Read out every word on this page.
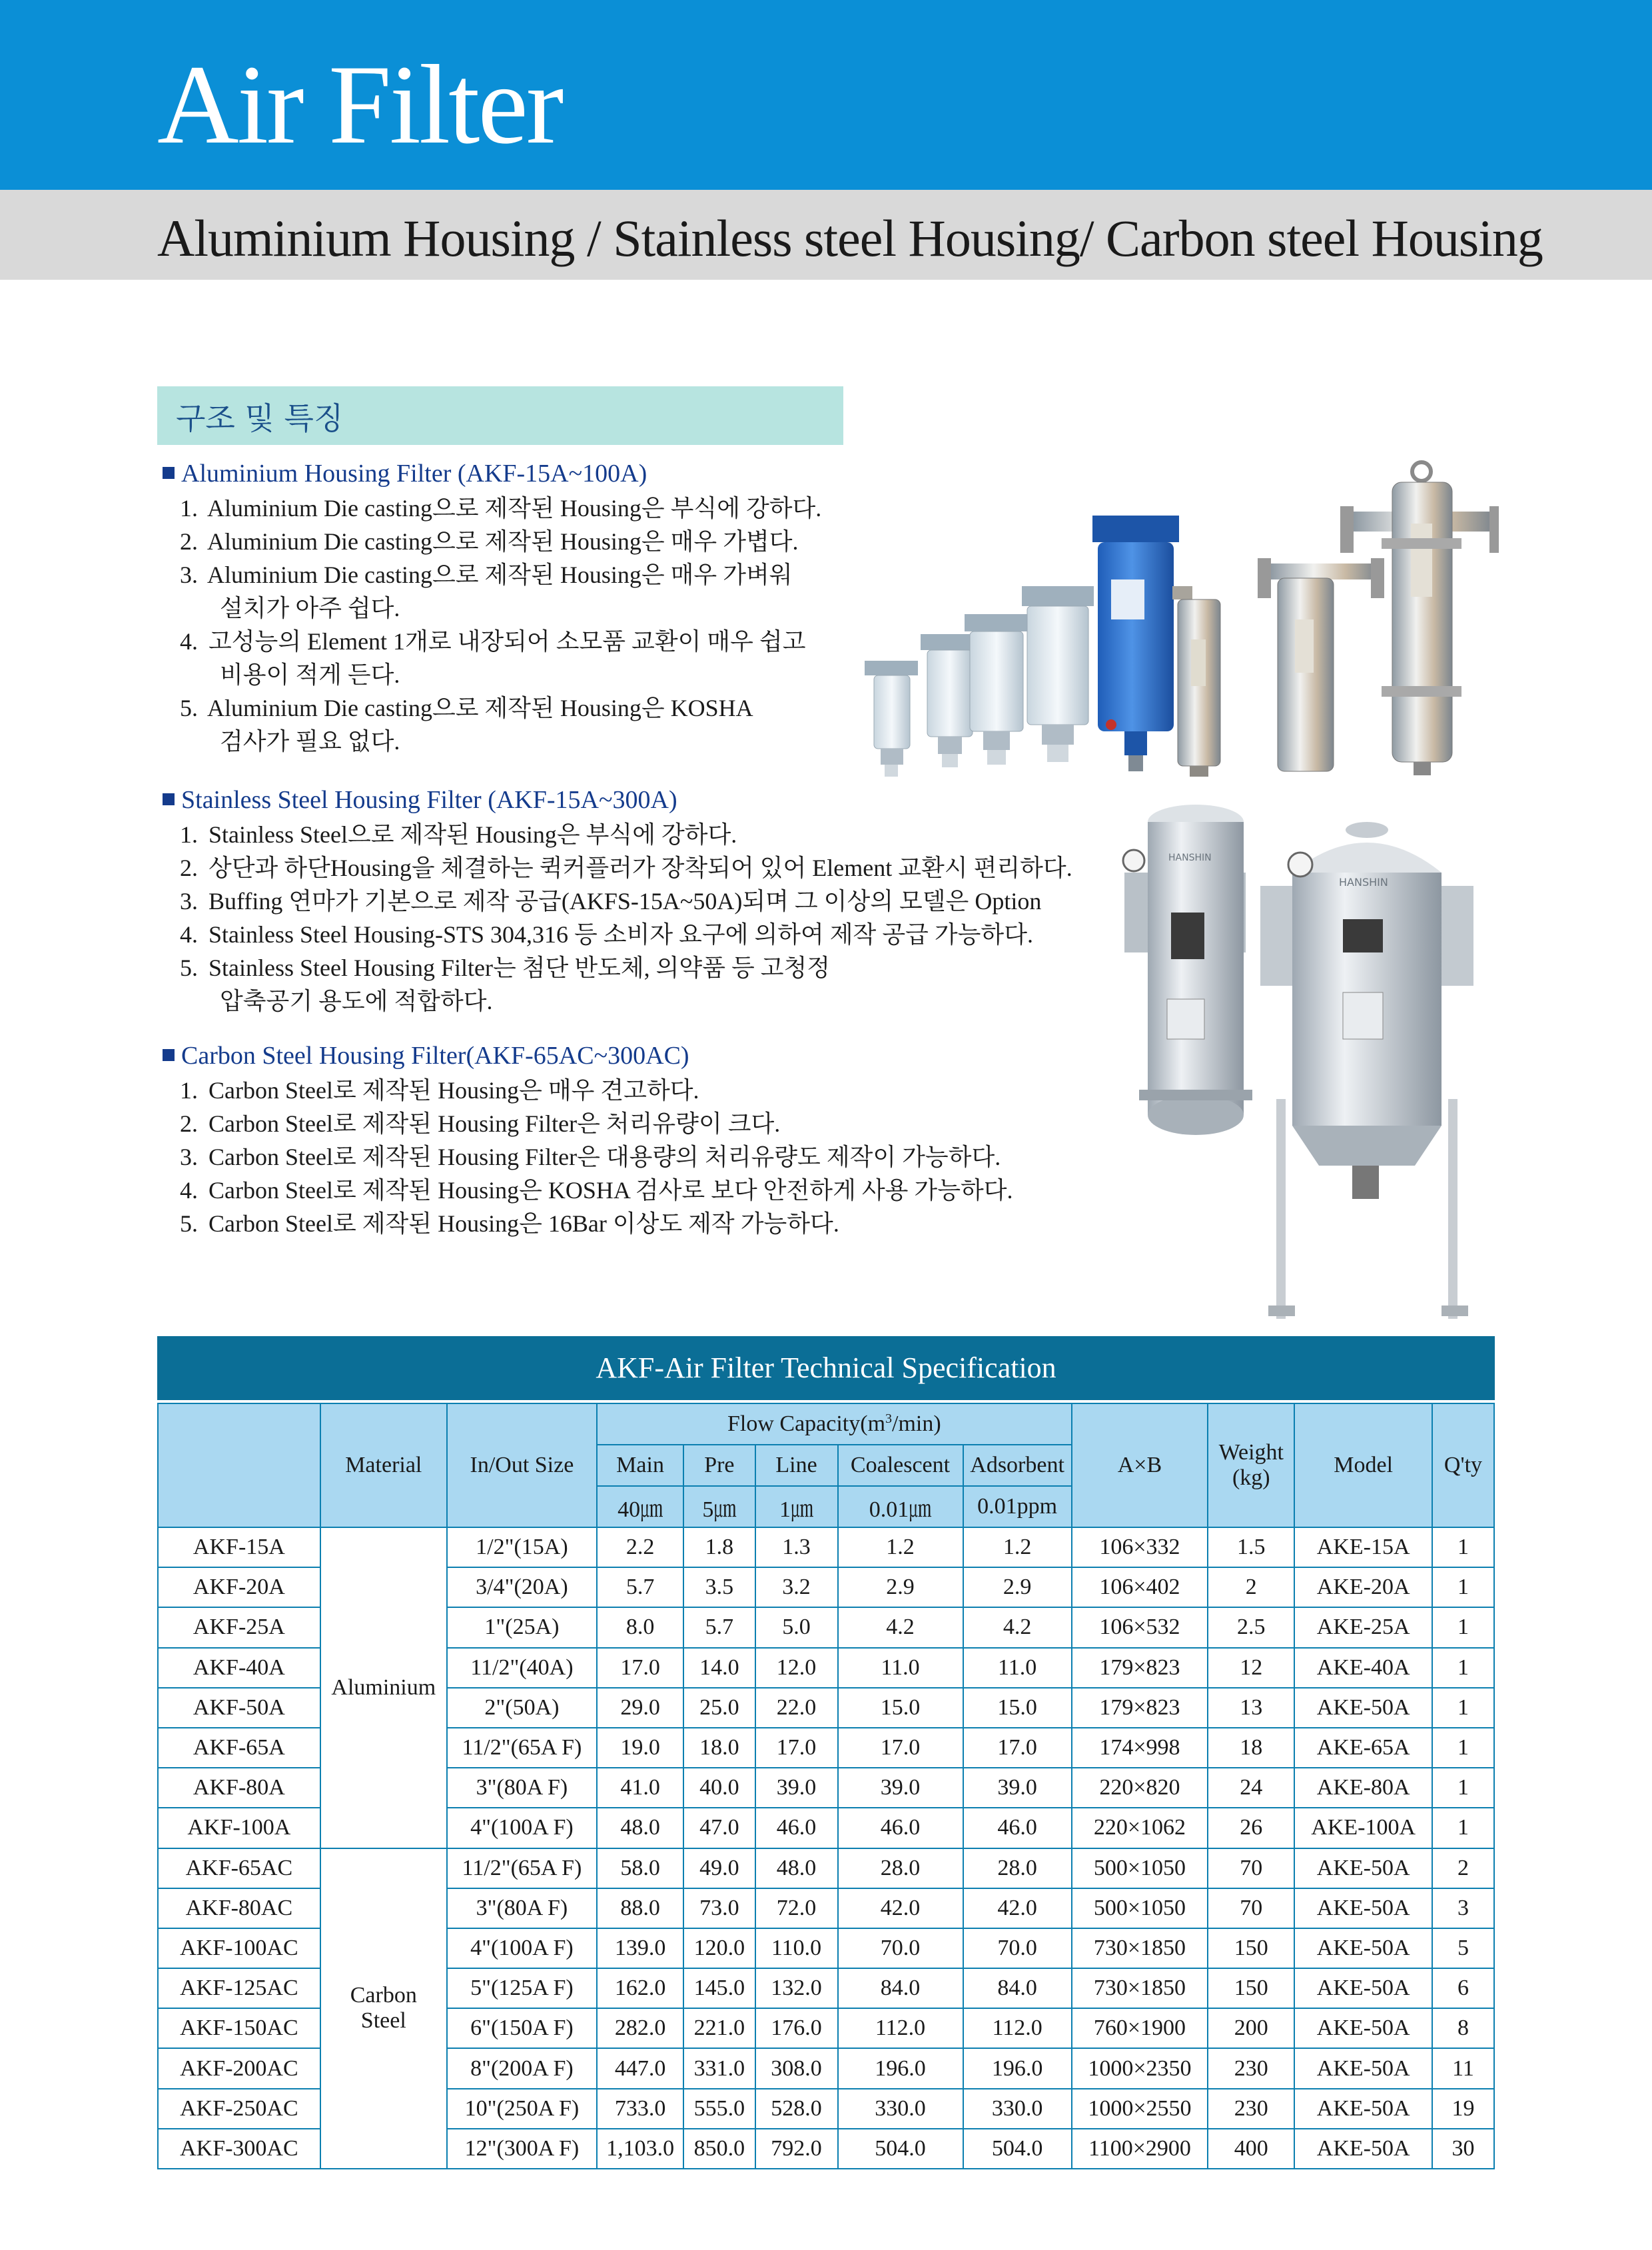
Air Filter
Aluminium Housing / Stainless steel Housing/ Carbon steel Housing
구조 및 특징
Aluminium Housing Filter (AKF-15A~100A)
1. Aluminium Die casting으로 제작된 Housing은 부식에 강하다.
2. Aluminium Die casting으로 제작된 Housing은 매우 가볍다.
3. Aluminium Die casting으로 제작된 Housing은 매우 가벼워
설치가 아주 쉽다.
4. 고성능의 Element 1개로 내장되어 소모품 교환이 매우 쉽고
비용이 적게 든다.
5. Aluminium Die casting으로 제작된 Housing은 KOSHA
검사가 필요 없다.
Stainless Steel Housing Filter (AKF-15A~300A)
1. Stainless Steel으로 제작된 Housing은 부식에 강하다.
2. 상단과 하단Housing을 체결하는 퀵커플러가 장착되어 있어 Element 교환시 편리하다.
3. Buffing 연마가 기본으로 제작 공급(AKFS-15A~50A)되며 그 이상의 모델은 Option
4. Stainless Steel Housing-STS 304,316 등 소비자 요구에 의하여 제작 공급 가능하다.
5. Stainless Steel Housing Filter는 첨단 반도체, 의약품 등 고청정
압축공기 용도에 적합하다.
Carbon Steel Housing Filter(AKF-65AC~300AC)
1. Carbon Steel로 제작된 Housing은 매우 견고하다.
2. Carbon Steel로 제작된 Housing Filter은 처리유량이 크다.
3. Carbon Steel로 제작된 Housing Filter은 대용량의 처리유량도 제작이 가능하다.
4. Carbon Steel로 제작된 Housing은 KOSHA 검사로 보다 안전하게 사용 가능하다.
5. Carbon Steel로 제작된 Housing은 16Bar 이상도 제작 가능하다.
HANSHIN
HANSHIN
AKF-Air Filter Technical Specification
	Material	In/Out Size	Flow $Capacity(m^3/\min)$					A×B	Weight
(kg)	Model	Q'ty
			Main	Pre	Line	Coalescent	Adsorbent				
			40㎛	5㎛	1㎛	0.01㎛	0.01ppm				
AKF-15A	Aluminium	1/2"(15A)	2.2	1.8	1.3	1.2	1.2	106×332	1.5	AKE-15A	1
AKF-20A		3/4"(20A)	5.7	3.5	3.2	2.9	2.9	106×402	2	AKE-20A	1
AKF-25A		1"(25A)	8.0	5.7	5.0	4.2	4.2	106×532	2.5	AKE-25A	1
AKF-40A		11/2"(40A)	17.0	14.0	12.0	11.0	11.0	179×823	12	AKE-40A	1
AKF-50A		2"(50A)	29.0	25.0	22.0	15.0	15.0	179×823	13	AKE-50A	1
AKF-65A		11/2"(65A F)	19.0	18.0	17.0	17.0	17.0	174×998	18	AKE-65A	1
AKF-80A		3"(80A F)	41.0	40.0	39.0	39.0	39.0	220×820	24	AKE-80A	1
AKF-100A		4"(100A F)	48.0	47.0	46.0	46.0	46.0	220×1062	26	AKE-100A	1
AKF-65AC	Carbon
Steel	11/2"(65A F)	58.0	49.0	48.0	28.0	28.0	500×1050	70	AKE-50A	2
AKF-80AC		3"(80A F)	88.0	73.0	72.0	42.0	42.0	500×1050	70	AKE-50A	3
AKF-100AC		4"(100A F)	139.0	120.0	110.0	70.0	70.0	730×1850	150	AKE-50A	5
AKF-125AC		5"(125A F)	162.0	145.0	132.0	84.0	84.0	730×1850	150	AKE-50A	6
AKF-150AC		6"(150A F)	282.0	221.0	176.0	112.0	112.0	760×1900	200	AKE-50A	8
AKF-200AC		8"(200A F)	447.0	331.0	308.0	196.0	196.0	1000×2350	230	AKE-50A	11
AKF-250AC		10"(250A F)	733.0	555.0	528.0	330.0	330.0	1000×2550	230	AKE-50A	19
AKF-300AC		12"(300A F)	1,103.0	850.0	792.0	504.0	504.0	1100×2900	400	AKE-50A	30
